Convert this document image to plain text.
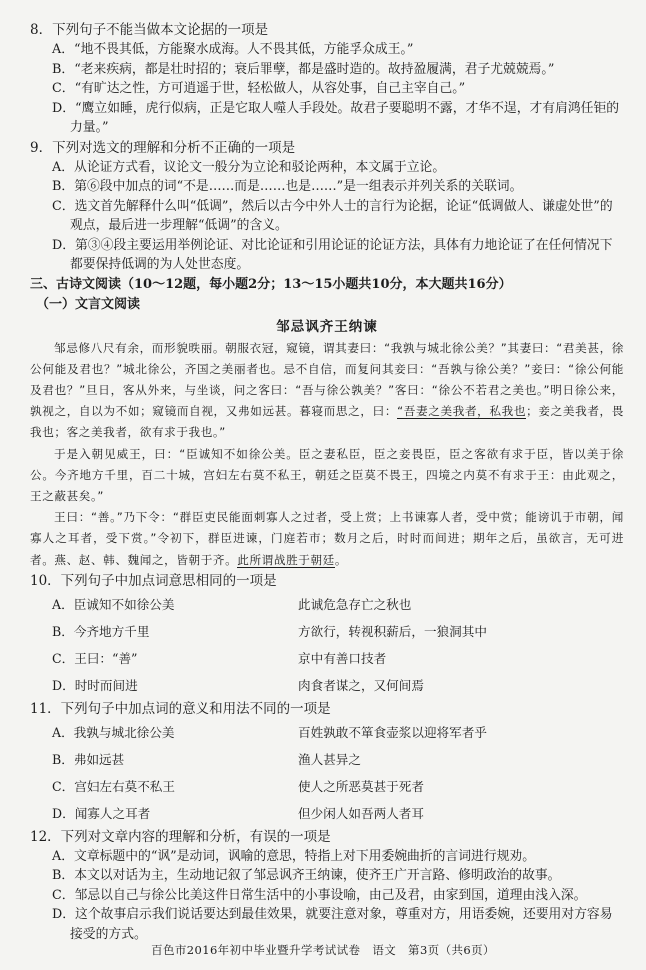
8．下列句子不能当做本文论据的一项是

A．“地不畏其低，方能聚水成海。人不畏其低，方能孚众成王。”

B．“老来疾病，都是壮时招的；衰后罪孽，都是盛时造的。故持盈履满，君子尤兢兢焉。”

C．“有旷达之性，方可逍遥于世，轻松做人，从容处事，自己主宰自己。”

D．“鹰立如睡，虎行似病，正是它取人噬人手段处。故君子要聪明不露，才华不逞，才有肩鸿任钜的力量。”

9．下列对选文的理解和分析不正确的一项是

A．从论证方式看，议论文一般分为立论和驳论两种，本文属于立论。

B．第⑥段中加点的词“不是……而是……也是……”是一组表示并列关系的关联词。

C．选文首先解释什么叫“低调”，然后以古今中外人士的言行为论据，论证“低调做人、谦虚处世”的观点，最后进一步理解“低调”的含义。

D．第③④段主要运用举例论证、对比论证和引用论证的论证方法，具体有力地论证了在任何情况下都要保持低调的为人处世态度。

三、古诗文阅读（10～12题，每小题2分；13～15小题共10分，本大题共16分）

（一）文言文阅读

邹忌讽齐王纳谏

邹忌修八尺有余，而形貌昳丽。朝服衣冠，窥镜，谓其妻曰：“我孰与城北徐公美？”其妻曰：“君美甚，徐公何能及君也？”城北徐公，齐国之美丽者也。忌不自信，而复问其妾曰：“吾孰与徐公美？”妾曰：“徐公何能及君也？”旦日，客从外来，与坐谈，问之客曰：“吾与徐公孰美？”客曰：“徐公不若君之美也。”明日徐公来，孰视之，自以为不如；窥镜而自视，又弗如远甚。暮寝而思之，曰：“吾妻之美我者，私我也；妾之美我者，畏我也；客之美我者，欲有求于我也。”

于是入朝见威王，曰：“臣诚知不如徐公美。臣之妻私臣，臣之妾畏臣，臣之客欲有求于臣，皆以美于徐公。今齐地方千里，百二十城，宫妇左右莫不私王，朝廷之臣莫不畏王，四境之内莫不有求于王：由此观之，王之蔽甚矣。”

王曰：“善。”乃下令：“群臣吏民能面刺寡人之过者，受上赏；上书谏寡人者，受中赏；能谤讥于市朝，闻寡人之耳者，受下赏。”令初下，群臣进谏，门庭若市；数月之后，时时而间进；期年之后，虽欲言，无可进者。燕、赵、韩、魏闻之，皆朝于齐。此所谓战胜于朝廷。

10．下列句子中加点词意思相同的一项是

A．臣诚知不如徐公美	此诚危急存亡之秋也
B．今齐地方千里	方欲行，转视积薪后，一狼洞其中
C．王曰：“善”	京中有善口技者
D．时时而间进	肉食者谋之，又何间焉

11．下列句子中加点词的意义和用法不同的一项是

A．我孰与城北徐公美	百姓孰敢不箪食壶浆以迎将军者乎
B．弗如远甚	渔人甚异之
C．宫妇左右莫不私王	使人之所恶莫甚于死者
D．闻寡人之耳者	但少闲人如吾两人者耳

12．下列对文章内容的理解和分析，有误的一项是

A．文章标题中的“讽”是动词，讽喻的意思，特指上对下用委婉曲折的言词进行规劝。

B．本文以对话为主，生动地记叙了邹忌讽齐王纳谏，使齐王广开言路、修明政治的故事。

C．邹忌以自己与徐公比美这件日常生活中的小事设喻，由己及君，由家到国，道理由浅入深。

D．这个故事启示我们说话要达到最佳效果，就要注意对象，尊重对方，用语委婉，还要用对方容易接受的方式。

百色市2016年初中毕业暨升学考试试卷　语文　第3页（共6页）
